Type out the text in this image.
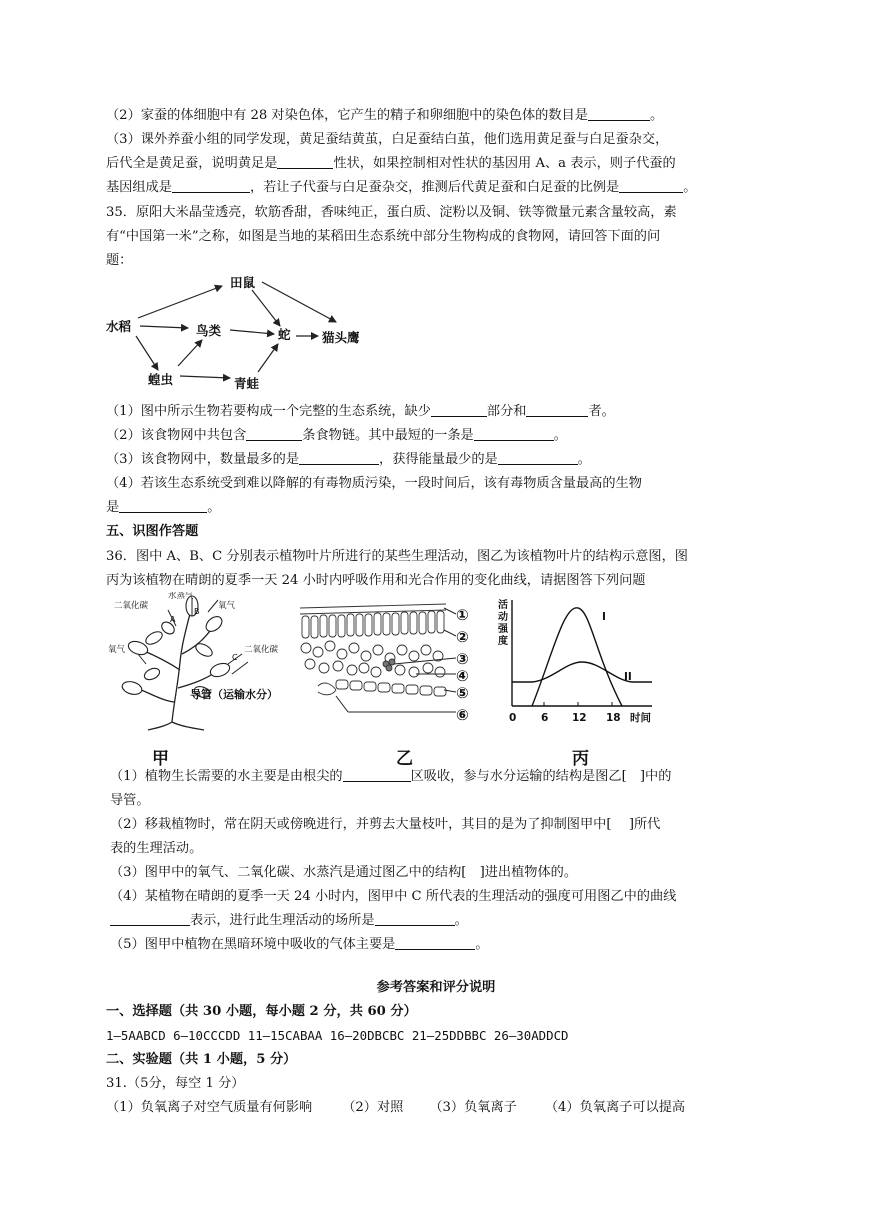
（2）家蚕的体细胞中有 28 对染色体，它产生的精子和卵细胞中的染色体的数目是	。
（3）课外养蚕小组的同学发现，黄足蚕结黄茧，白足蚕结白茧，他们选用黄足蚕与白足蚕杂交，
后代全是黄足蚕，说明黄足是	性状，如果控制相对性状的基因用 A、a 表示，则子代蚕的
基因组成是	，若让子代蚕与白足蚕杂交，推测后代黄足蚕和白足蚕的比例是	。
35．原阳大米晶莹透亮，软筋香甜，香味纯正，蛋白质、淀粉以及铜、铁等微量元素含量较高，素
有“中国第一米”之称，如图是当地的某稻田生态系统中部分生物构成的食物网，请回答下面的问
题：
水稻
田鼠
鸟类	蛇	猫头鹰
蝗虫	青蛙
（1）图中所示生物若要构成一个完整的生态系统，缺少	部分和	者。
（2）该食物网中共包含	条食物链。其中最短的一条是	。
（3）该食物网中，数量最多的是	，获得能量最少的是	。
（4）若该生态系统受到难以降解的有毒物质污染，一段时间后，该有毒物质含量最高的生物
是	。
五、识图作答题
36．图中 A、B、C 分别表示植物叶片所进行的某些生理活动，图乙为该植物叶片的结构示意图，图
丙为该植物在晴朗的夏季一天 24 小时内呼吸作用和光合作用的变化曲线，请据图答下列问题
二氧化碳
水蒸气
氧气
A
B
C
氧气	二氧化碳
导管（运输水分）
甲
①
②
③
④
⑤
⑥
乙
活
动
强
度
I
II
0 6 12 18 时间
丙
（1）植物生长需要的水主要是由根尖的	区吸收，参与水分运输的结构是图乙[　]中的
导管。
（2）移栽植物时，常在阴天或傍晚进行，并剪去大量枝叶，其目的是为了抑制图甲中[　 ]所代
表的生理活动。
（3）图甲中的氧气、二氧化碳、水蒸汽是通过图乙中的结构[　]进出植物体的。
（4）某植物在晴朗的夏季一天 24 小时内，图甲中 C 所代表的生理活动的强度可用图乙中的曲线
表示，进行此生理活动的场所是	。
（5）图甲中植物在黑暗环境中吸收的气体主要是	。
参考答案和评分说明
一、选择题（共 30 小题，每小题 2 分，共 60 分）
1—5AABCD 6—10CCCDD 11—15CABAA 16—20DBCBC 21—25DDBBC 26—30ADDCD
二、实验题（共 1 小题，5 分）
31.（5分，每空 1 分）
（1）负氧离子对空气质量有何影响 （2）对照 （3）负氧离子 （4）负氧离子可以提高
